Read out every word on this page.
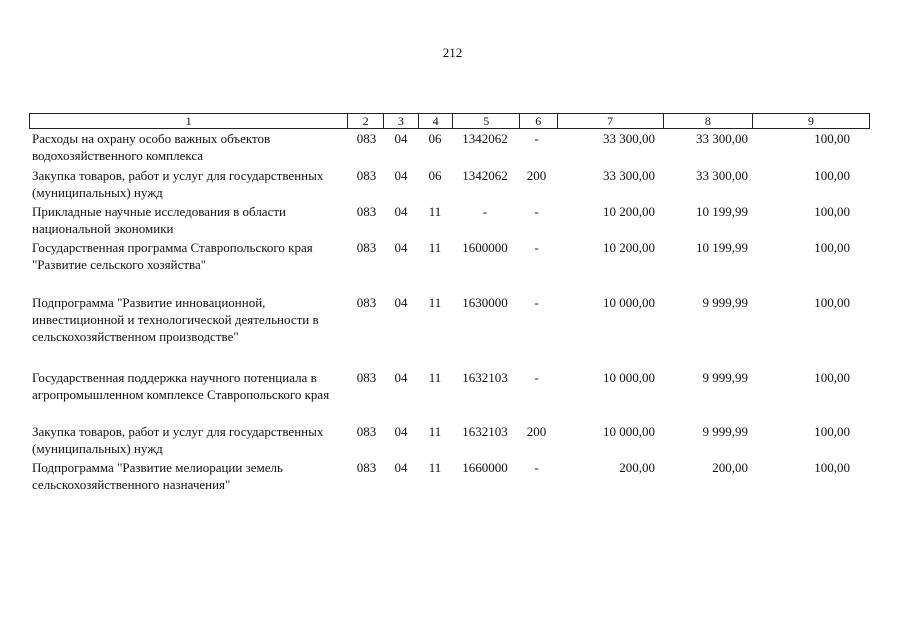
212
1	2	3	4	5	6	7	8	9
Расходы на охрану особо важных объектов водохозяйственного комплекса
083	04	06	1342062	-	33 300,00	33 300,00	100,00
Закупка товаров, работ и услуг для государственных (муниципальных) нужд
083	04	06	1342062	200	33 300,00	33 300,00	100,00
Прикладные научные исследования в области национальной экономики
083	04	11	-	-	10 200,00	10 199,99	100,00
Государственная программа Ставропольского края "Развитие сельского хозяйства"
083	04	11	1600000	-	10 200,00	10 199,99	100,00
Подпрограмма "Развитие инновационной, инвестиционной и технологической деятельности в сельскохозяйственном производстве"
083	04	11	1630000	-	10 000,00	9 999,99	100,00
Государственная поддержка научного потенциала в агропромышленном комплексе Ставропольского края
083	04	11	1632103	-	10 000,00	9 999,99	100,00
Закупка товаров, работ и услуг для государственных (муниципальных) нужд
083	04	11	1632103	200	10 000,00	9 999,99	100,00
Подпрограмма "Развитие мелиорации земель сельскохозяйственного назначения"
083	04	11	1660000	-	200,00	200,00	100,00
